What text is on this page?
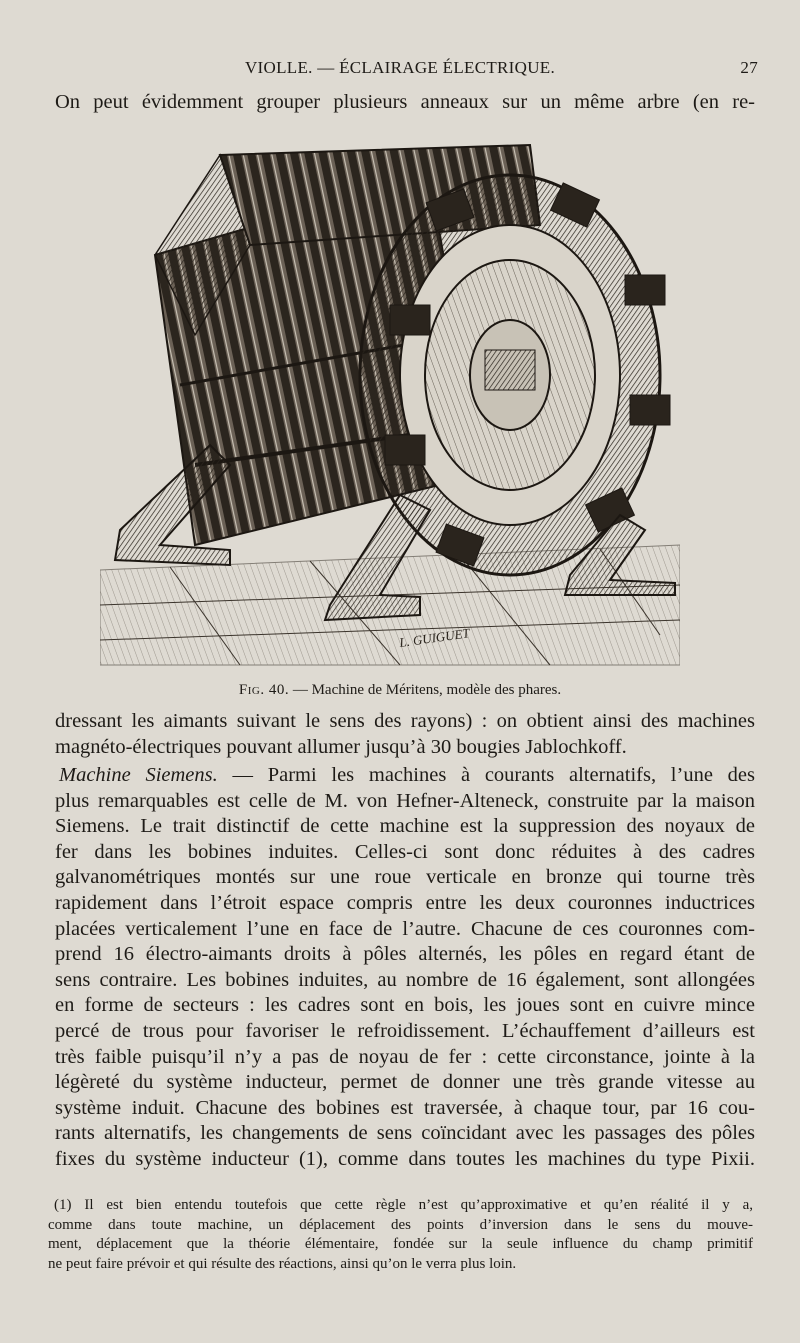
VIOLLE. — ÉCLAIRAGE ÉLECTRIQUE.	27

On peut évidemment grouper plusieurs anneaux sur un même arbre (en re-

L. GUIGUET
Fig. 40. — Machine de Méritens, modèle des phares.

dressant les aimants suivant le sens des rayons) : on obtient ainsi des machines
magnéto-électriques pouvant allumer jusqu’à 30 bougies Jablochkoff.

Machine Siemens. — Parmi les machines à courants alternatifs, l’une des
plus remarquables est celle de M. von Hefner-Alteneck, construite par la maison
Siemens. Le trait distinctif de cette machine est la suppression des noyaux de
fer dans les bobines induites. Celles-ci sont donc réduites à des cadres
galvanométriques montés sur une roue verticale en bronze qui tourne très
rapidement dans l’étroit espace compris entre les deux couronnes inductrices
placées verticalement l’une en face de l’autre. Chacune de ces couronnes com-
prend 16 électro-aimants droits à pôles alternés, les pôles en regard étant de
sens contraire. Les bobines induites, au nombre de 16 également, sont allongées
en forme de secteurs : les cadres sont en bois, les joues sont en cuivre mince
percé de trous pour favoriser le refroidissement. L’échauffement d’ailleurs est
très faible puisqu’il n’y a pas de noyau de fer : cette circonstance, jointe à la
légèreté du système inducteur, permet de donner une très grande vitesse au
système induit. Chacune des bobines est traversée, à chaque tour, par 16 cou-
rants alternatifs, les changements de sens coïncidant avec les passages des pôles
fixes du système inducteur (1), comme dans toutes les machines du type Pixii.

(1) Il est bien entendu toutefois que cette règle n’est qu’approximative et qu’en réalité il y a,
comme dans toute machine, un déplacement des points d’inversion dans le sens du mouve-
ment, déplacement que la théorie élémentaire, fondée sur la seule influence du champ primitif
ne peut faire prévoir et qui résulte des réactions, ainsi qu’on le verra plus loin.
